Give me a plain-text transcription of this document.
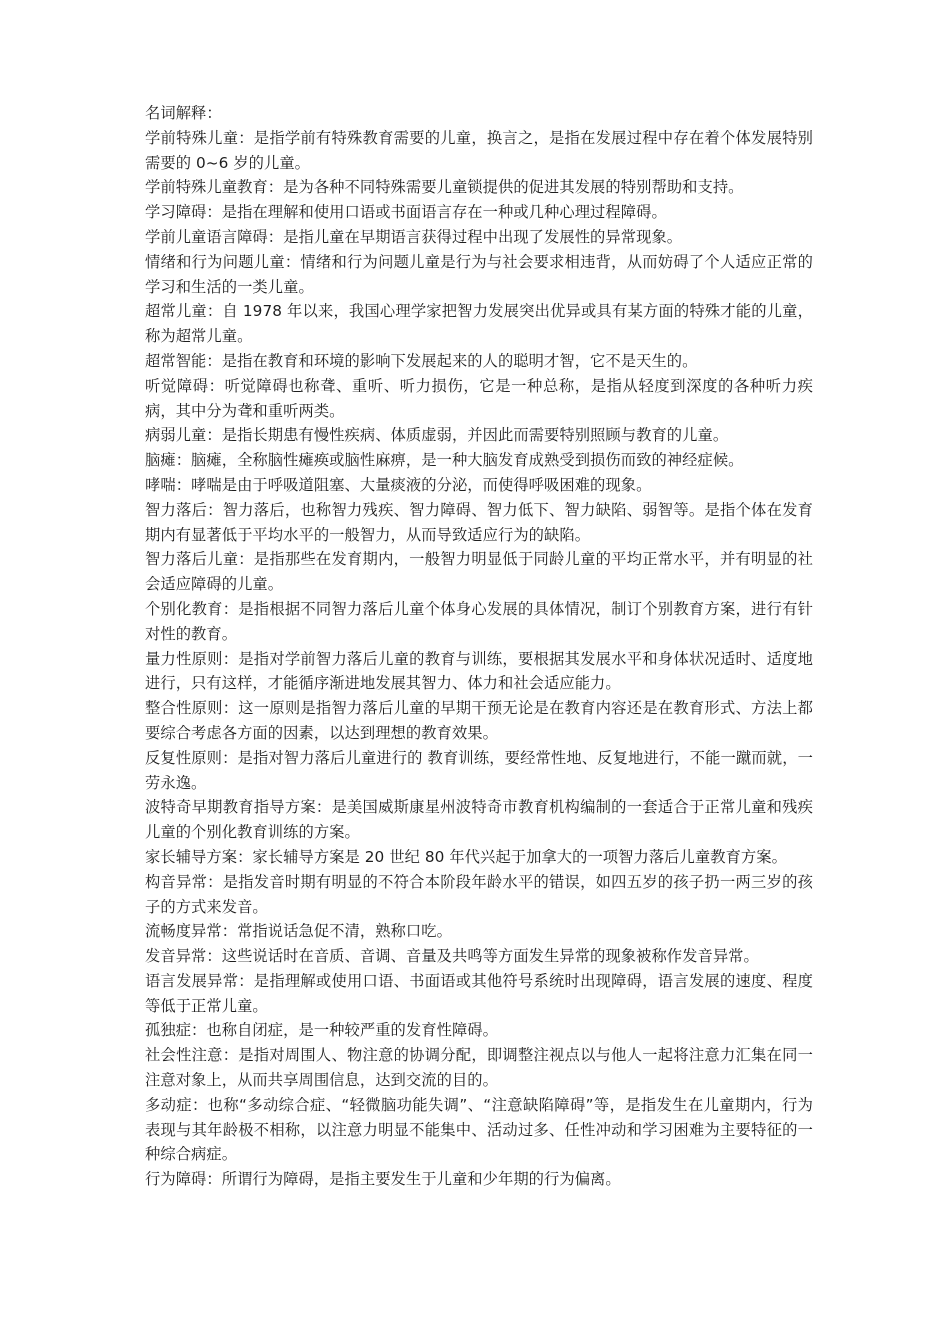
名词解释：

学前特殊儿童：是指学前有特殊教育需要的儿童，换言之，是指在发展过程中存在着个体发展特别需要的 0~6 岁的儿童。

学前特殊儿童教育：是为各种不同特殊需要儿童锁提供的促进其发展的特别帮助和支持。

学习障碍：是指在理解和使用口语或书面语言存在一种或几种心理过程障碍。

学前儿童语言障碍：是指儿童在早期语言获得过程中出现了发展性的异常现象。

情绪和行为问题儿童：情绪和行为问题儿童是行为与社会要求相违背，从而妨碍了个人适应正常的学习和生活的一类儿童。

超常儿童：自 1978 年以来，我国心理学家把智力发展突出优异或具有某方面的特殊才能的儿童，称为超常儿童。

超常智能：是指在教育和环境的影响下发展起来的人的聪明才智，它不是天生的。

听觉障碍：听觉障碍也称聋、重听、听力损伤，它是一种总称，是指从轻度到深度的各种听力疾病，其中分为聋和重听两类。

病弱儿童：是指长期患有慢性疾病、体质虚弱，并因此而需要特别照顾与教育的儿童。

脑瘫：脑瘫，全称脑性瘫痪或脑性麻痹，是一种大脑发育成熟受到损伤而致的神经症候。

哮喘：哮喘是由于呼吸道阻塞、大量痰液的分泌，而使得呼吸困难的现象。

智力落后：智力落后，也称智力残疾、智力障碍、智力低下、智力缺陷、弱智等。是指个体在发育期内有显著低于平均水平的一般智力，从而导致适应行为的缺陷。

智力落后儿童：是指那些在发育期内，一般智力明显低于同龄儿童的平均正常水平，并有明显的社会适应障碍的儿童。

个别化教育：是指根据不同智力落后儿童个体身心发展的具体情况，制订个别教育方案，进行有针对性的教育。

量力性原则：是指对学前智力落后儿童的教育与训练，要根据其发展水平和身体状况适时、适度地进行，只有这样，才能循序渐进地发展其智力、体力和社会适应能力。

整合性原则：这一原则是指智力落后儿童的早期干预无论是在教育内容还是在教育形式、方法上都要综合考虑各方面的因素，以达到理想的教育效果。

反复性原则：是指对智力落后儿童进行的 教育训练，要经常性地、反复地进行，不能一蹴而就，一劳永逸。

波特奇早期教育指导方案：是美国威斯康星州波特奇市教育机构编制的一套适合于正常儿童和残疾儿童的个别化教育训练的方案。

家长辅导方案：家长辅导方案是 20 世纪 80 年代兴起于加拿大的一项智力落后儿童教育方案。

构音异常：是指发音时期有明显的不符合本阶段年龄水平的错误，如四五岁的孩子扔一两三岁的孩子的方式来发音。

流畅度异常：常指说话急促不清，熟称口吃。

发音异常：这些说话时在音质、音调、音量及共鸣等方面发生异常的现象被称作发音异常。

语言发展异常：是指理解或使用口语、书面语或其他符号系统时出现障碍，语言发展的速度、程度等低于正常儿童。

孤独症：也称自闭症，是一种较严重的发育性障碍。

社会性注意：是指对周围人、物注意的协调分配，即调整注视点以与他人一起将注意力汇集在同一注意对象上，从而共享周围信息，达到交流的目的。

多动症：也称“多动综合症、“轻微脑功能失调”、“注意缺陷障碍”等，是指发生在儿童期内，行为表现与其年龄极不相称，以注意力明显不能集中、活动过多、任性冲动和学习困难为主要特征的一种综合病症。

行为障碍：所谓行为障碍，是指主要发生于儿童和少年期的行为偏离。
